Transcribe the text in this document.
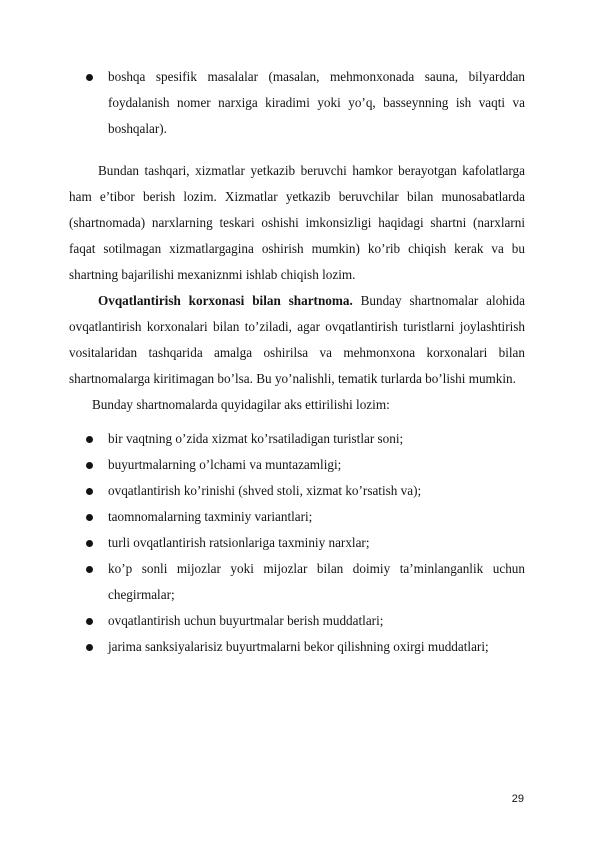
boshqa spesifik masalalar (masalan, mehmonxonada sauna, bilyarddan foydalanish nomer narxiga kiradimi yoki yo’q, basseynning ish vaqti va boshqalar).

Bundan tashqari, xizmatlar yetkazib beruvchi hamkor berayotgan kafolatlarga ham e’tibor berish lozim. Xizmatlar yetkazib beruvchilar bilan munosabatlarda (shartnomada) narxlarning teskari oshishi imkonsizligi haqidagi shartni (narxlarni faqat sotilmagan xizmatlargagina oshirish mumkin) ko’rib chiqish kerak va bu shartning bajarilishi mexaniznmi ishlab chiqish lozim.

Ovqatlantirish korxonasi bilan shartnoma. Bunday shartnomalar alohida ovqatlantirish korxonalari bilan to’ziladi, agar ovqatlantirish turistlarni joylashtirish vositalaridan tashqarida amalga oshirilsa va mehmonxona korxonalari bilan shartnomalarga kiritimagan bo’lsa. Bu yo’nalishli, tematik turlarda bo’lishi mumkin.

Bunday shartnomalarda quyidagilar aks ettirilishi lozim:

bir vaqtning o’zida xizmat ko’rsatiladigan turistlar soni;
buyurtmalarning o’lchami va muntazamligi;
ovqatlantirish ko’rinishi (shved stoli, xizmat ko’rsatish va);
taomnomalarning taxminiy variantlari;
turli ovqatlantirish ratsionlariga taxminiy narxlar;
ko’p sonli mijozlar yoki mijozlar bilan doimiy ta’minlanganlik uchun chegirmalar;
ovqatlantirish uchun buyurtmalar berish muddatlari;
jarima sanksiyalarisiz buyurtmalarni bekor qilishning oxirgi muddatlari;
29
